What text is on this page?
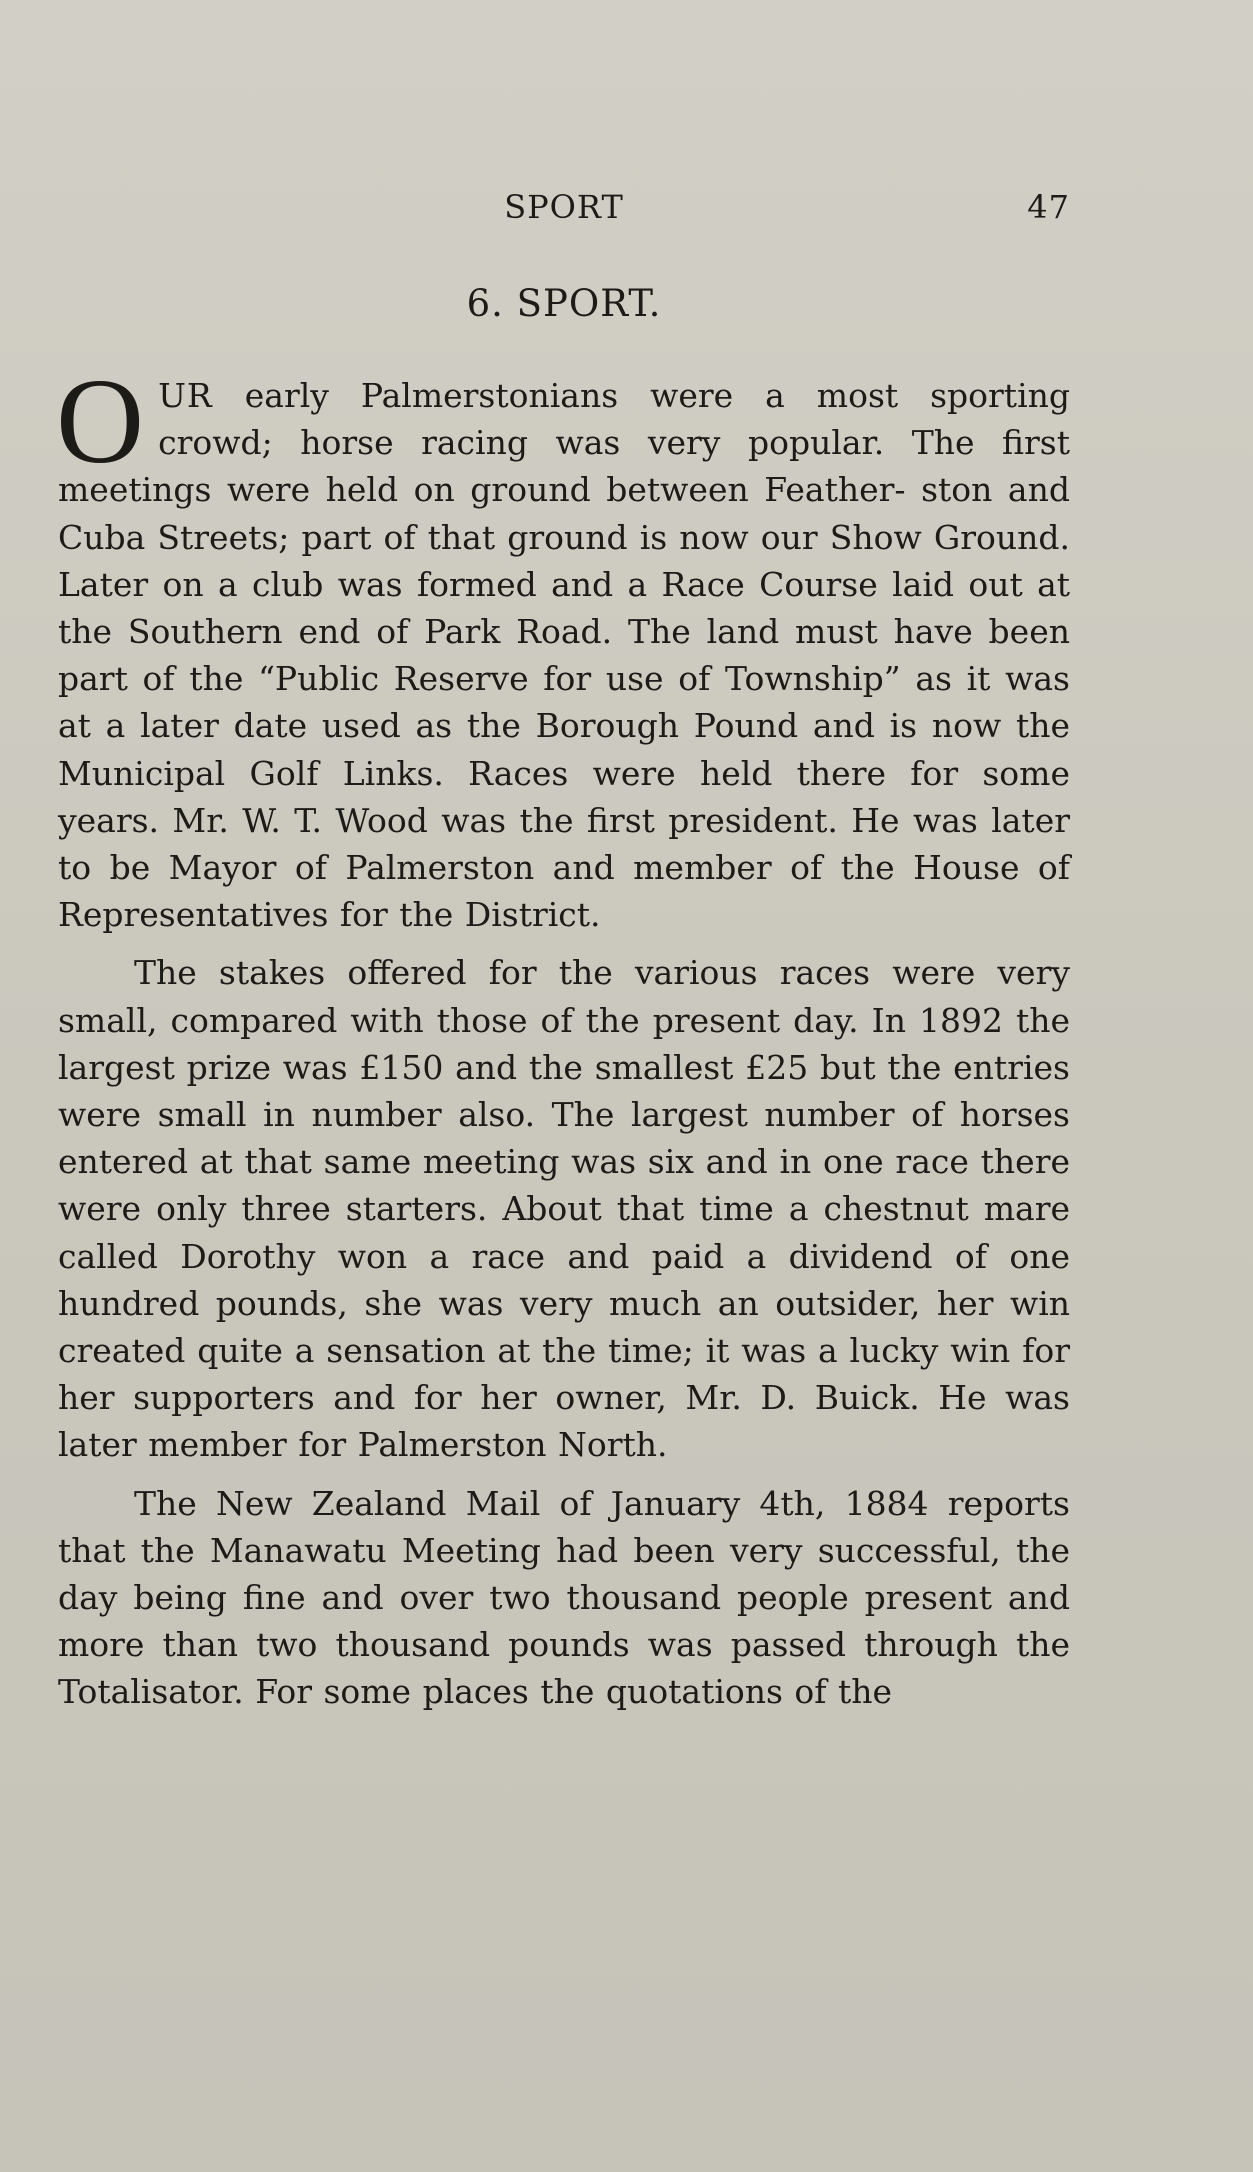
SPORT	47
6. SPORT.

OUR early Palmerstonians were a most sporting crowd; horse racing was very popular. The first meetings were held on ground between Feather- ston and Cuba Streets; part of that ground is now our Show Ground. Later on a club was formed and a Race Course laid out at the Southern end of Park Road. The land must have been part of the “Public Reserve for use of Township” as it was at a later date used as the Borough Pound and is now the Municipal Golf Links. Races were held there for some years. Mr. W. T. Wood was the first president. He was later to be Mayor of Palmerston and member of the House of Representatives for the District.

The stakes offered for the various races were very small, compared with those of the present day. In 1892 the largest prize was £150 and the smallest £25 but the entries were small in number also. The largest number of horses entered at that same meeting was six and in one race there were only three starters. About that time a chestnut mare called Dorothy won a race and paid a dividend of one hundred pounds, she was very much an outsider, her win created quite a sensation at the time; it was a lucky win for her supporters and for her owner, Mr. D. Buick. He was later member for Palmerston North.

The New Zealand Mail of January 4th, 1884 reports that the Manawatu Meeting had been very successful, the day being fine and over two thousand people present and more than two thousand pounds was passed through the Totalisator. For some places the quotations of the
